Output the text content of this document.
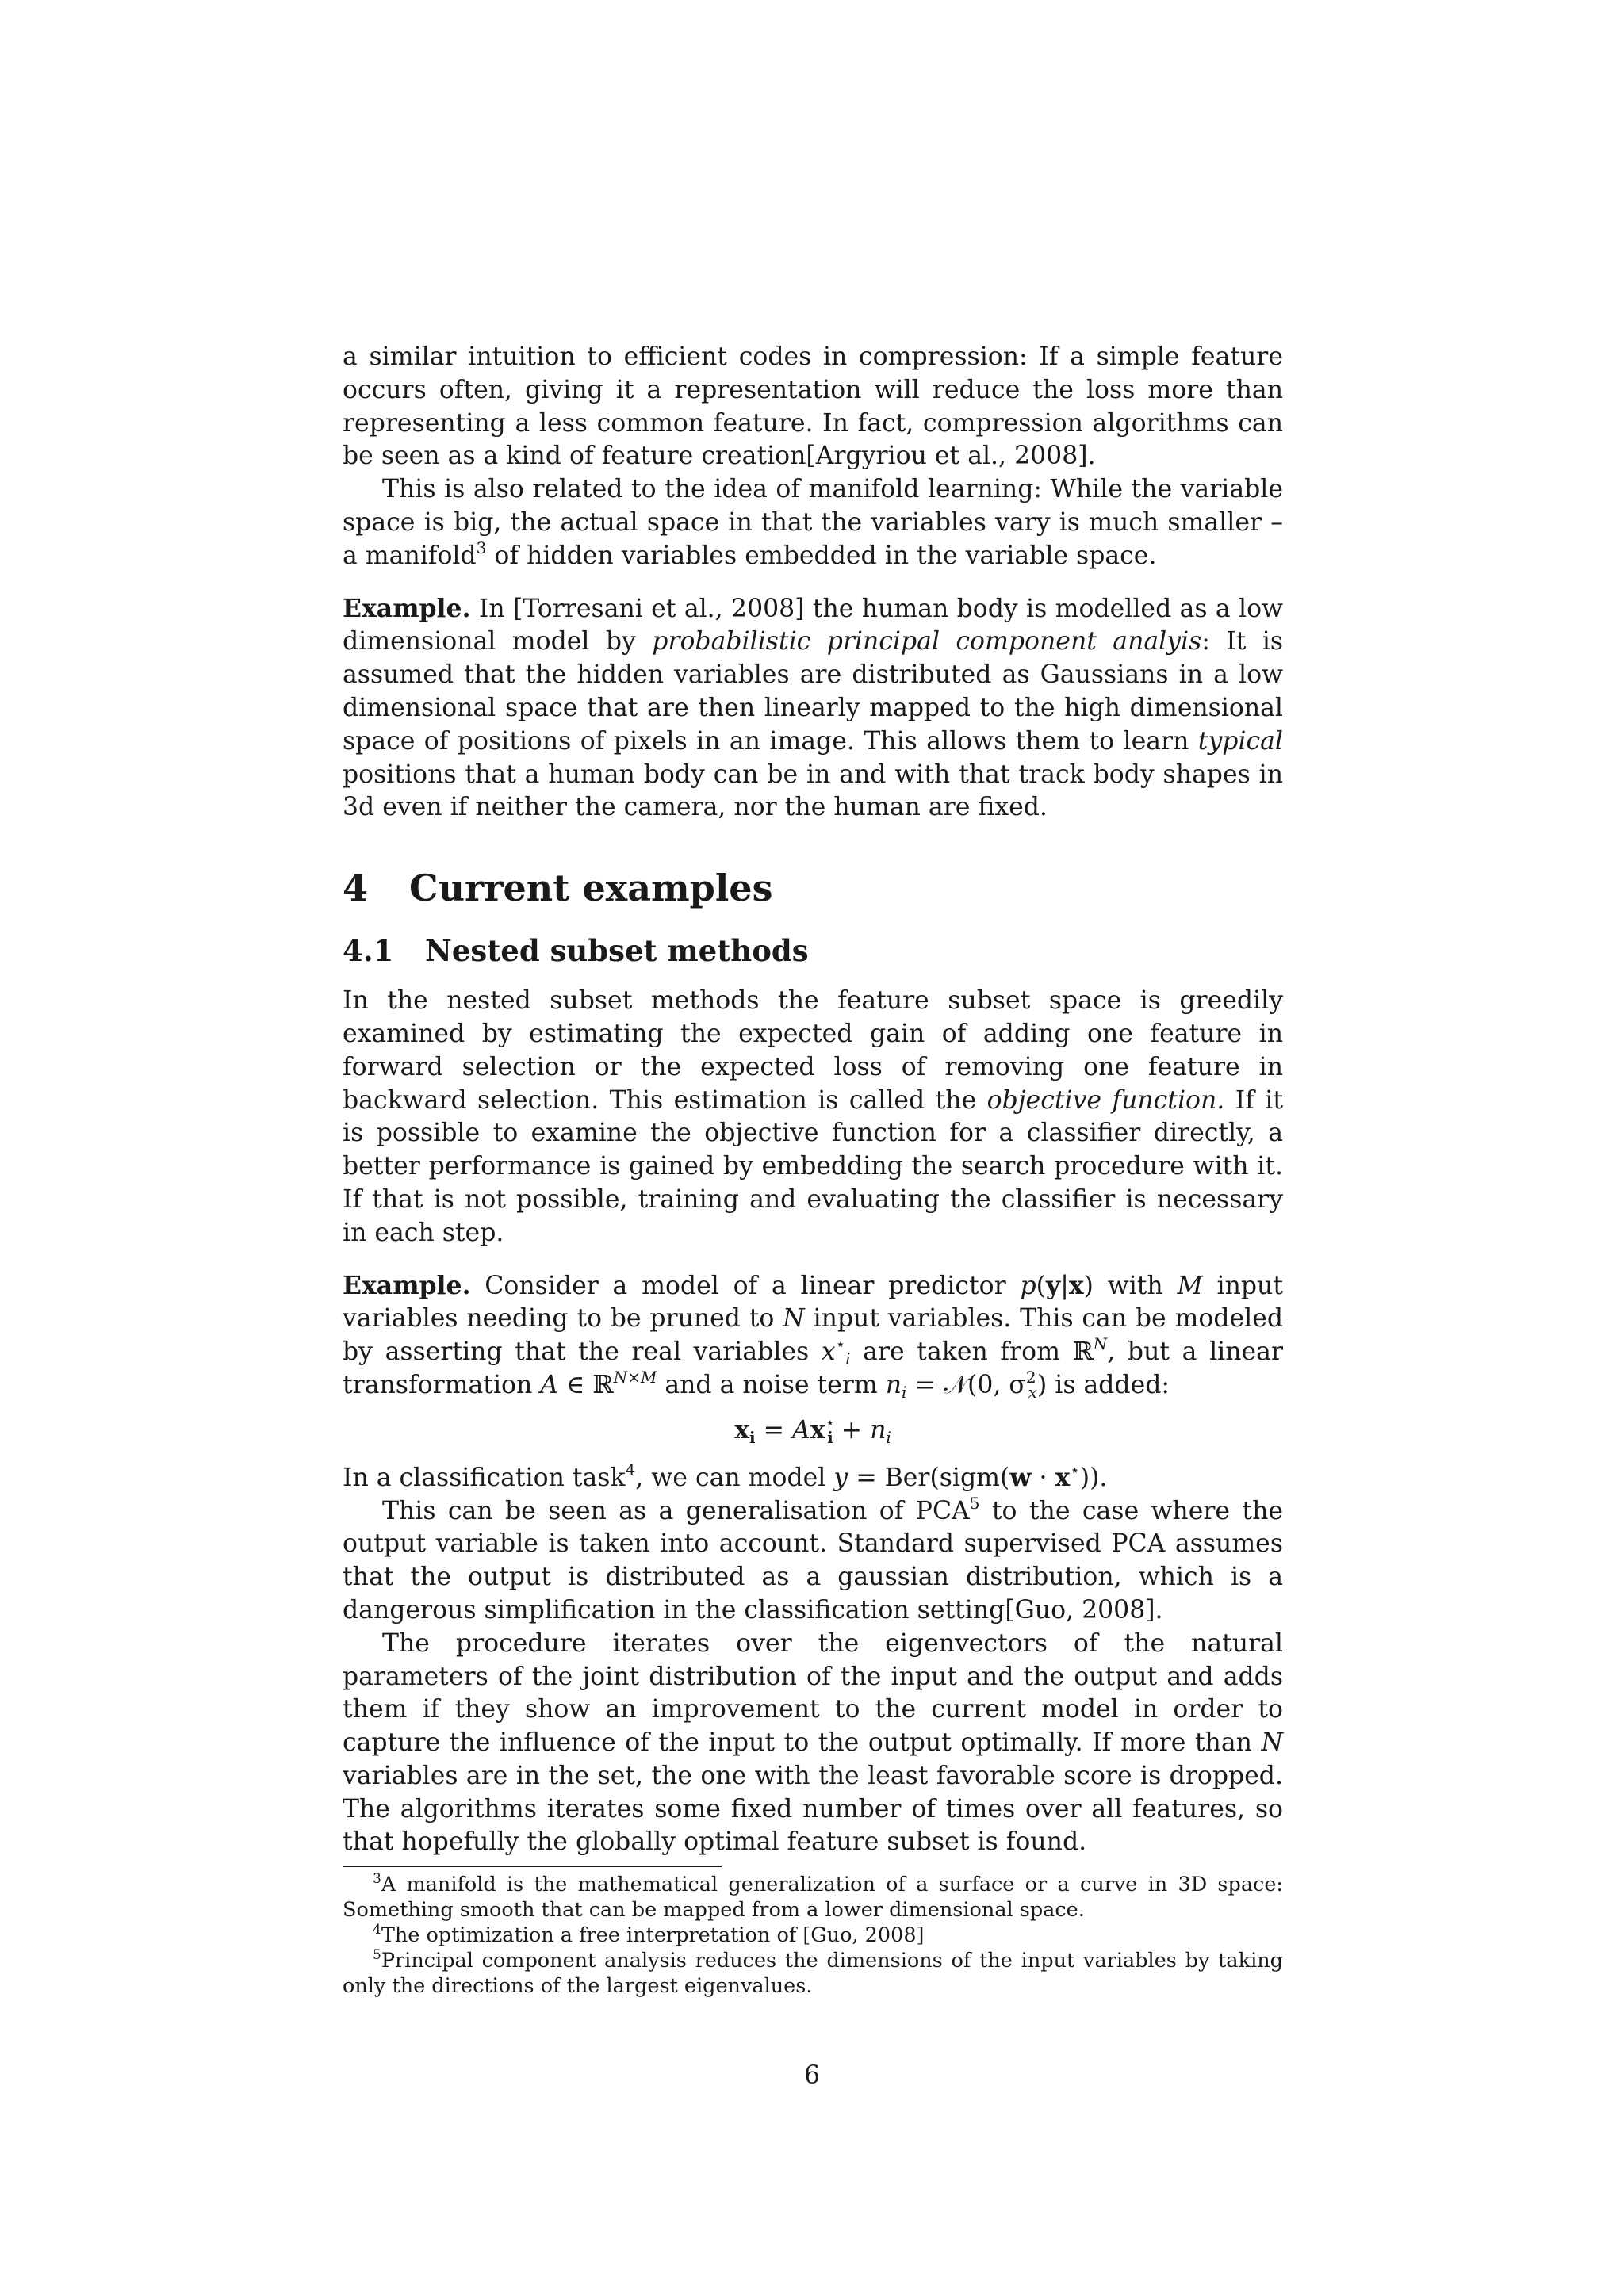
a similar intuition to efficient codes in compression: If a simple feature occurs often, giving it a representation will reduce the loss more than representing a less common feature. In fact, compression algorithms can be seen as a kind of feature creation[Argyriou et al., 2008].

This is also related to the idea of manifold learning: While the variable space is big, the actual space in that the variables vary is much smaller – a manifold$^3$ of hidden variables embedded in the variable space.

Example. In [Torresani et al., 2008] the human body is modelled as a low dimensional model by probabilistic principal component analyis: It is assumed that the hidden variables are distributed as Gaussians in a low dimensional space that are then linearly mapped to the high dimensional space of positions of pixels in an image. This allows them to learn typical positions that a human body can be in and with that track body shapes in 3d even if neither the camera, nor the human are fixed.

4 Current examples
4.1 Nested subset methods

In the nested subset methods the feature subset space is greedily examined by estimating the expected gain of adding one feature in forward selection or the expected loss of removing one feature in backward selection. This estimation is called the objective function. If it is possible to examine the objective function for a classifier directly, a better performance is gained by embedding the search procedure with it. If that is not possible, training and evaluating the classifier is necessary in each step.

Example. Consider a model of a linear predictor p(y|x) with M input variables needing to be pruned to N input variables. This can be modeled by asserting that the real variables $x^⋆_i$ are taken from ℝ$^N$, but a linear transformation A ∈ ℝ$^{N\times M}$ and a noise term $n_i$ = 𝒩(0, $\sigma^2_x$) is added:

$x_i = Ax^⋆_i + n_i$

In a classification task$^4$, we can model y = Ber(sigm(w · x⋆)).

This can be seen as a generalisation of PCA$^5$ to the case where the output variable is taken into account. Standard supervised PCA assumes that the output is distributed as a gaussian distribution, which is a dangerous simplification in the classification setting[Guo, 2008].

The procedure iterates over the eigenvectors of the natural parameters of the joint distribution of the input and the output and adds them if they show an improvement to the current model in order to capture the influence of the input to the output optimally. If more than N variables are in the set, the one with the least favorable score is dropped. The algorithms iterates some fixed number of times over all features, so that hopefully the globally optimal feature subset is found.

$^3$A manifold is the mathematical generalization of a surface or a curve in 3D space: Something smooth that can be mapped from a lower dimensional space.

$^4$The optimization a free interpretation of [Guo, 2008]

$^5$Principal component analysis reduces the dimensions of the input variables by taking only the directions of the largest eigenvalues.

6
